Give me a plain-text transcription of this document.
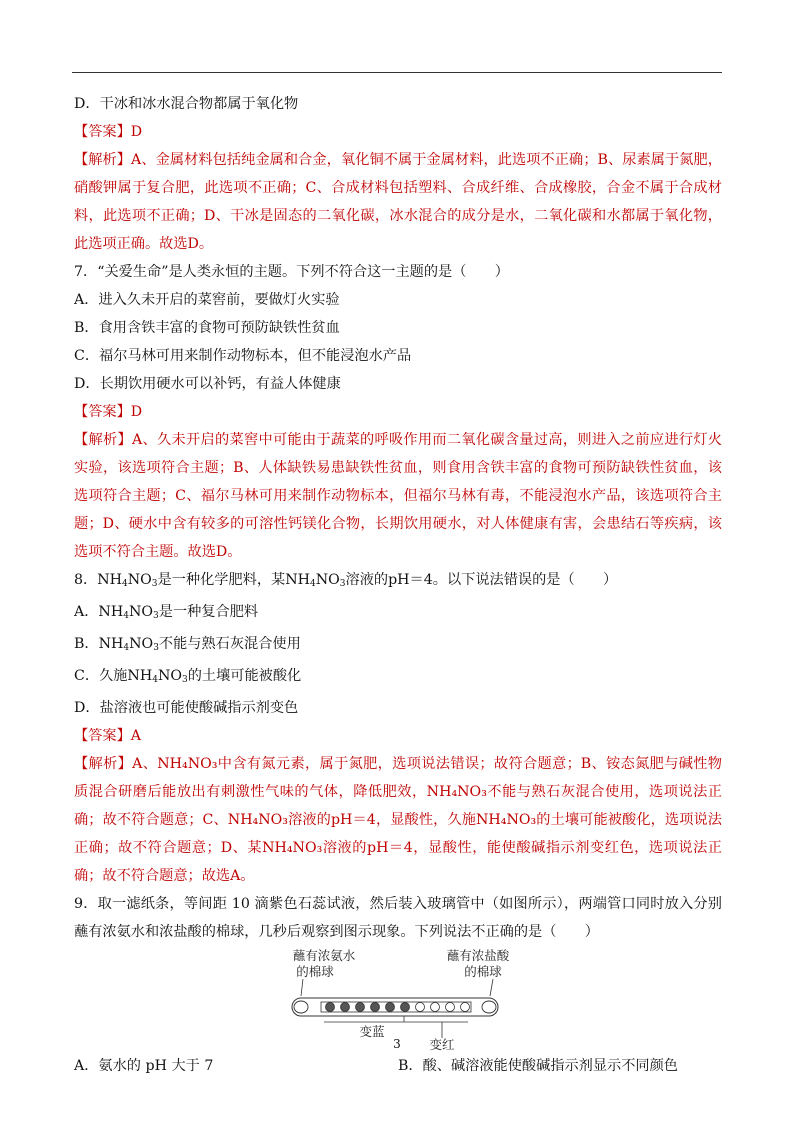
D．干冰和冰水混合物都属于氧化物
【答案】D
【解析】A、金属材料包括纯金属和合金，氧化铜不属于金属材料，此选项不正确；B、尿素属于氮肥，硝酸钾属于复合肥，此选项不正确；C、合成材料包括塑料、合成纤维、合成橡胶，合金不属于合成材料，此选项不正确；D、干冰是固态的二氧化碳，冰水混合的成分是水，二氧化碳和水都属于氧化物，此选项正确。故选D。
7．“关爱生命”是人类永恒的主题。下列不符合这一主题的是（　　）
A．进入久未开启的菜窖前，要做灯火实验
B．食用含铁丰富的食物可预防缺铁性贫血
C．福尔马林可用来制作动物标本，但不能浸泡水产品
D．长期饮用硬水可以补钙，有益人体健康
【答案】D
【解析】A、久未开启的菜窖中可能由于蔬菜的呼吸作用而二氧化碳含量过高，则进入之前应进行灯火实验，该选项符合主题；B、人体缺铁易患缺铁性贫血，则食用含铁丰富的食物可预防缺铁性贫血，该选项符合主题；C、福尔马林可用来制作动物标本，但福尔马林有毒，不能浸泡水产品，该选项符合主题；D、硬水中含有较多的可溶性钙镁化合物，长期饮用硬水，对人体健康有害，会患结石等疾病，该选项不符合主题。故选D。
8．$NH_4NO_3$是一种化学肥料，某$NH_4NO_3$溶液的pH＝4。以下说法错误的是（　　）
A．$NH_4NO_3$是一种复合肥料
B．$NH_4NO_3$不能与熟石灰混合使用
C．久施$NH_4NO_3$的土壤可能被酸化
D．盐溶液也可能使酸碱指示剂变色
【答案】A
【解析】A、NH₄NO₃中含有氮元素，属于氮肥，选项说法错误；故符合题意；B、铵态氮肥与碱性物质混合研磨后能放出有刺激性气味的气体，降低肥效，NH₄NO₃不能与熟石灰混合使用，选项说法正确；故不符合题意；C、NH₄NO₃溶液的pH＝4，显酸性，久施NH₄NO₃的土壤可能被酸化，选项说法正确；故不符合题意；D、某NH₄NO₃溶液的pH＝4，显酸性，能使酸碱指示剂变红色，选项说法正确；故不符合题意；故选A。
9．取一滤纸条，等间距 10 滴紫色石蕊试液，然后装入玻璃管中（如图所示），两端管口同时放入分别蘸有浓氨水和浓盐酸的棉球，几秒后观察到图示现象。下列说法不正确的是（　　）
蘸有浓氨水
的棉球
蘸有浓盐酸
的棉球
变蓝
变红
A．氨水的 pH 大于 7	B．酸、碱溶液能使酸碱指示剂显示不同颜色
3
